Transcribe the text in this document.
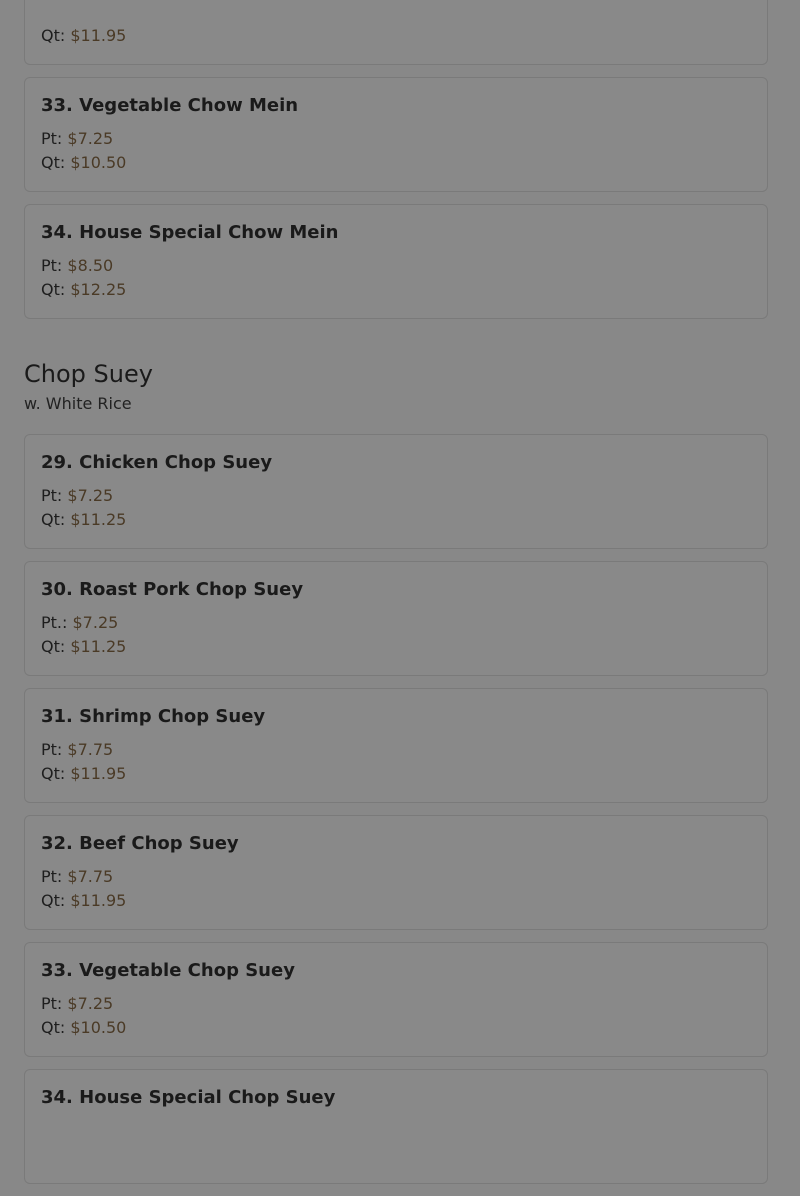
Qt: $11.95
33. Vegetable Chow Mein
Pt: $7.25
Qt: $10.50
34. House Special Chow Mein
Pt: $8.50
Qt: $12.25
Chop Suey
w. White Rice
29. Chicken Chop Suey
Pt: $7.25
Qt: $11.25
30. Roast Pork Chop Suey
Pt.: $7.25
Qt: $11.25
31. Shrimp Chop Suey
Pt: $7.75
Qt: $11.95
32. Beef Chop Suey
Pt: $7.75
Qt: $11.95
33. Vegetable Chop Suey
Pt: $7.25
Qt: $10.50
34. House Special Chop Suey
